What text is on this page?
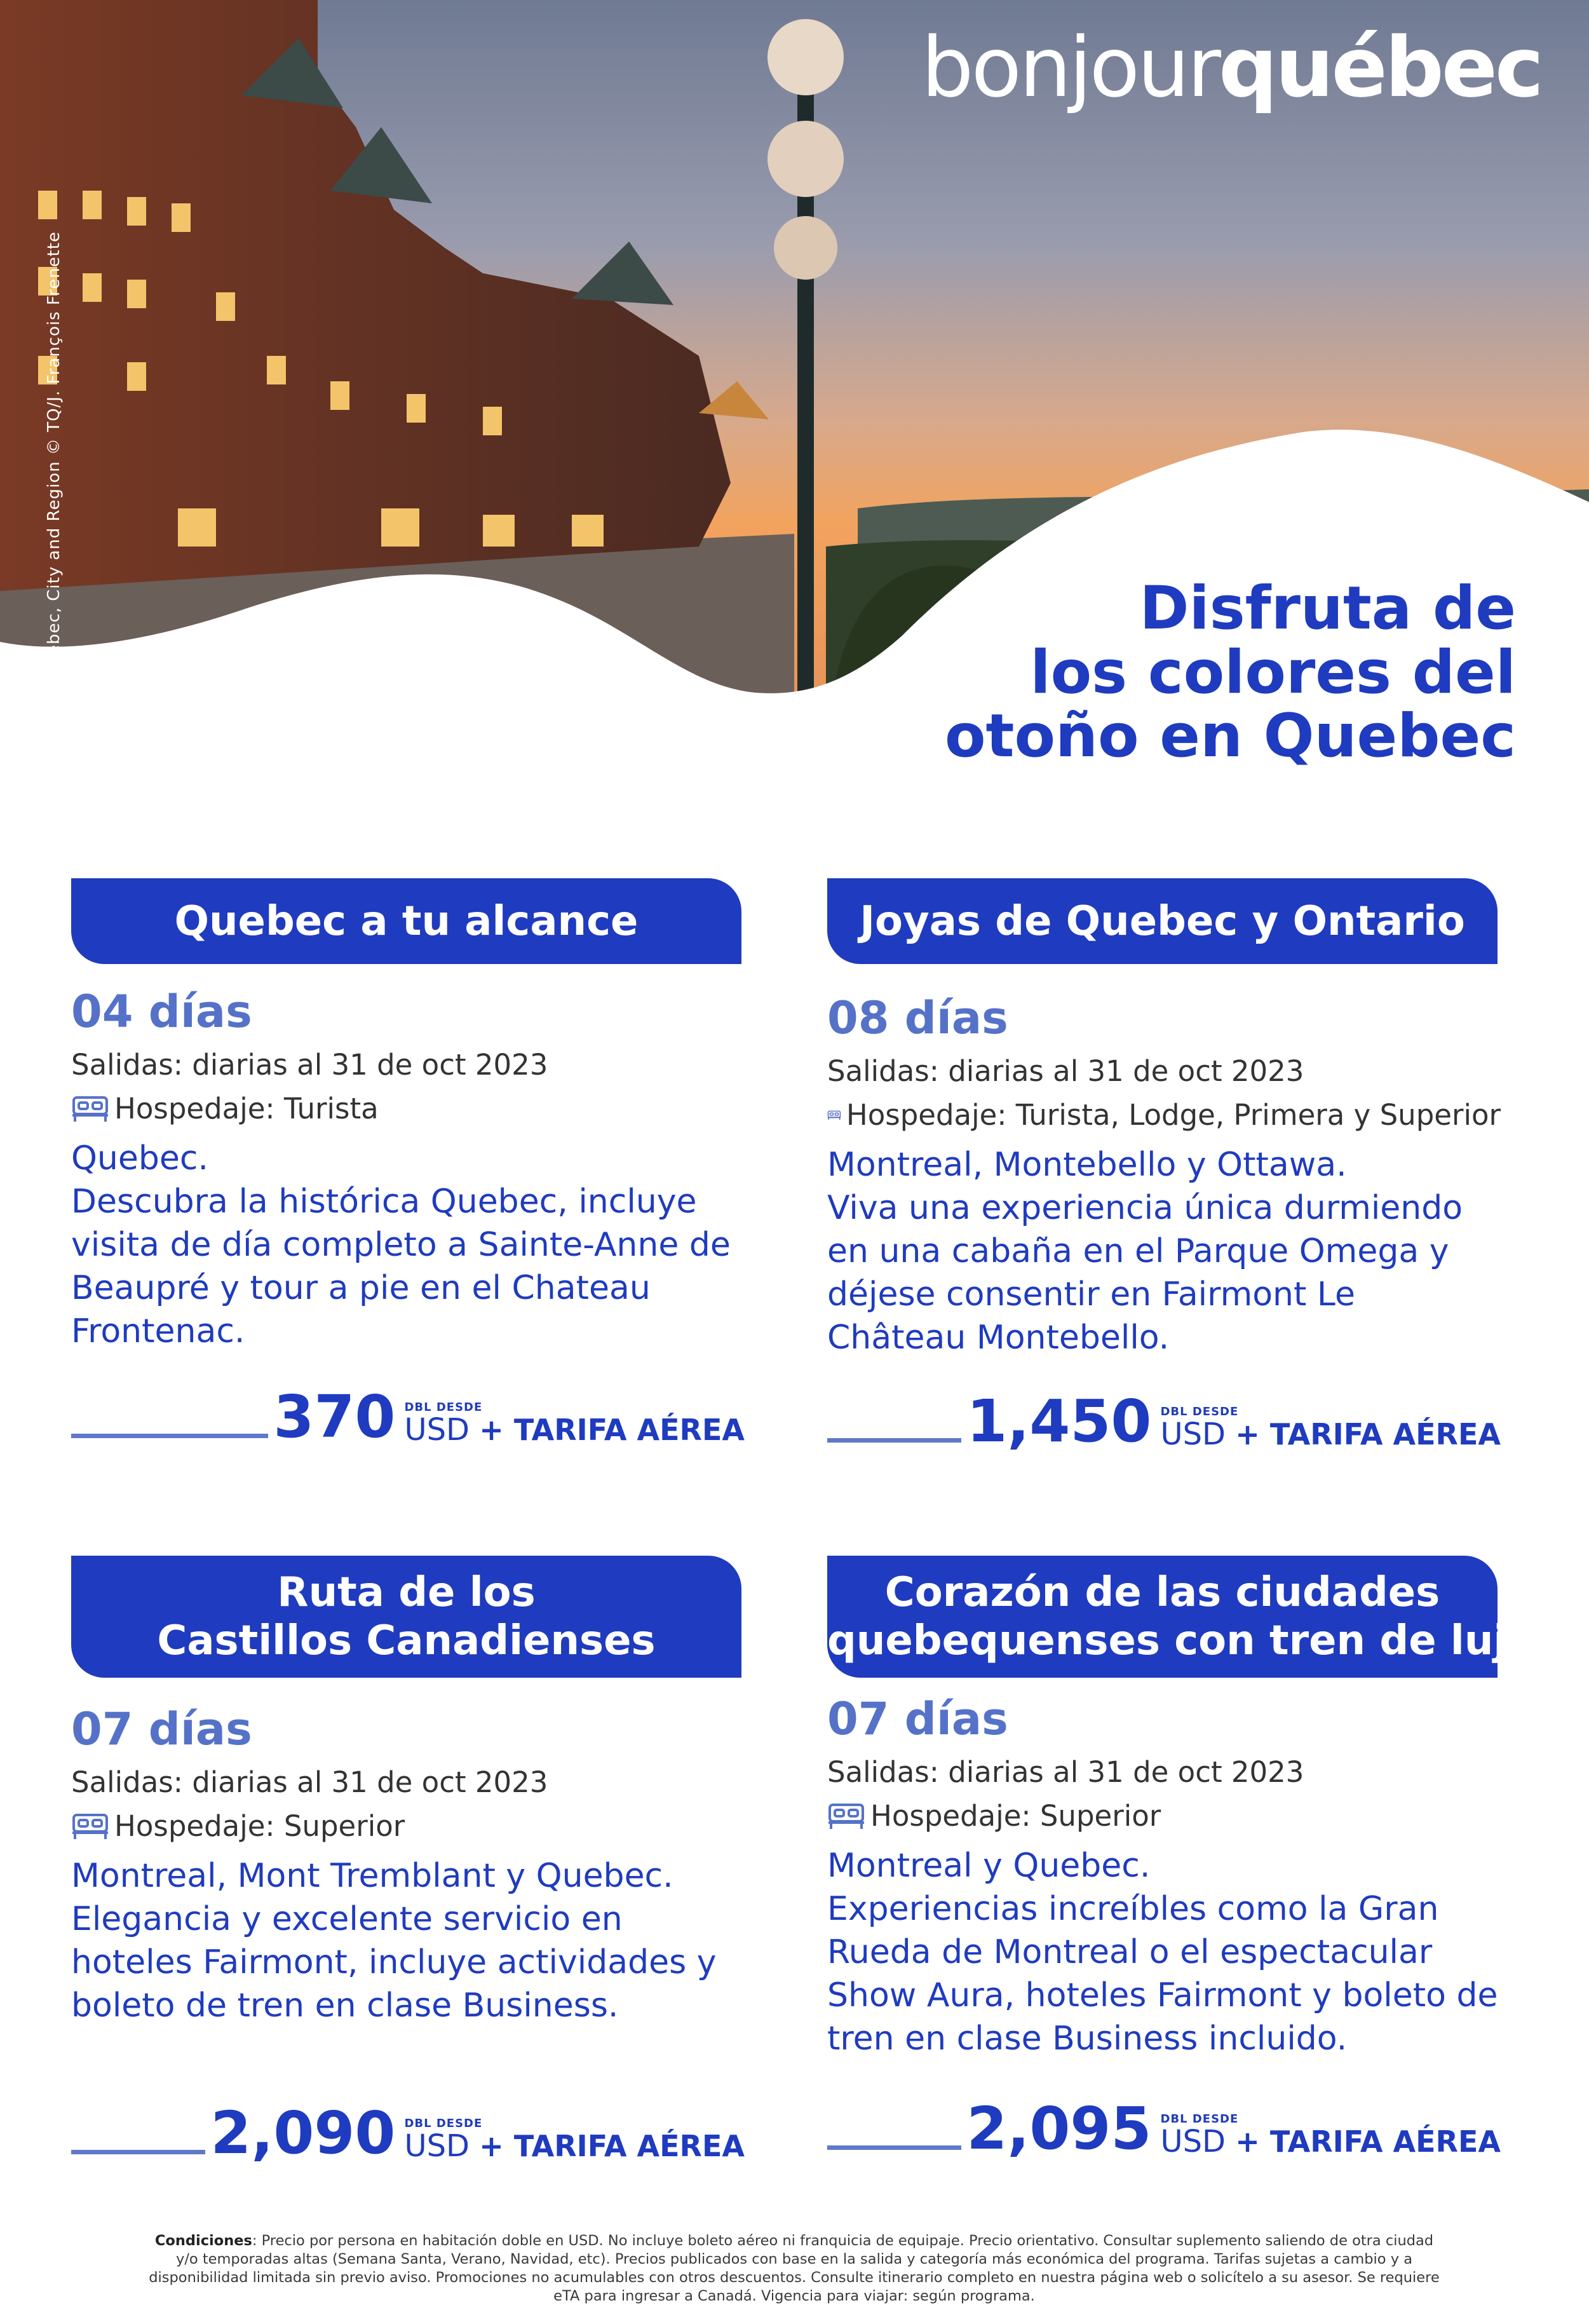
Québec, City and Region © TQ/J. François Frenette
bonjourquébec
Disfruta de
los colores del
otoño en Quebec
Quebec a tu alcance
04 días
Salidas: diarias al 31 de oct 2023
Hospedaje: Turista
Quebec.
Descubra la histórica Quebec, incluye visita de día completo a Sainte-Anne de Beaupré y tour a pie en el Chateau Frontenac.
370 DBL DESDE
USD + TARIFA AÉREA
Joyas de Quebec y Ontario
08 días
Salidas: diarias al 31 de oct 2023
Hospedaje: Turista, Lodge, Primera y Superior
Montreal, Montebello y Ottawa.
Viva una experiencia única durmiendo en una cabaña en el Parque Omega y déjese consentir en Fairmont Le Château Montebello.
1,450 DBL DESDE
USD + TARIFA AÉREA
Ruta de los
Castillos Canadienses
07 días
Salidas: diarias al 31 de oct 2023
Hospedaje: Superior
Montreal, Mont Tremblant y Quebec.
Elegancia y excelente servicio en hoteles Fairmont, incluye actividades y boleto de tren en clase Business.
2,090 DBL DESDE
USD + TARIFA AÉREA
Corazón de las ciudades
quebequenses con tren de lujo
07 días
Salidas: diarias al 31 de oct 2023
Hospedaje: Superior
Montreal y Quebec.
Experiencias increíbles como la Gran Rueda de Montreal o el espectacular Show Aura, hoteles Fairmont y boleto de tren en clase Business incluido.
2,095 DBL DESDE
USD + TARIFA AÉREA
Condiciones: Precio por persona en habitación doble en USD. No incluye boleto aéreo ni franquicia de equipaje. Precio orientativo. Consultar suplemento saliendo de otra ciudad y/o temporadas altas (Semana Santa, Verano, Navidad, etc). Precios publicados con base en la salida y categoría más económica del programa. Tarifas sujetas a cambio y a disponibilidad limitada sin previo aviso. Promociones no acumulables con otros descuentos. Consulte itinerario completo en nuestra página web o solicítelo a su asesor. Se requiere eTA para ingresar a Canadá. Vigencia para viajar: según programa.
